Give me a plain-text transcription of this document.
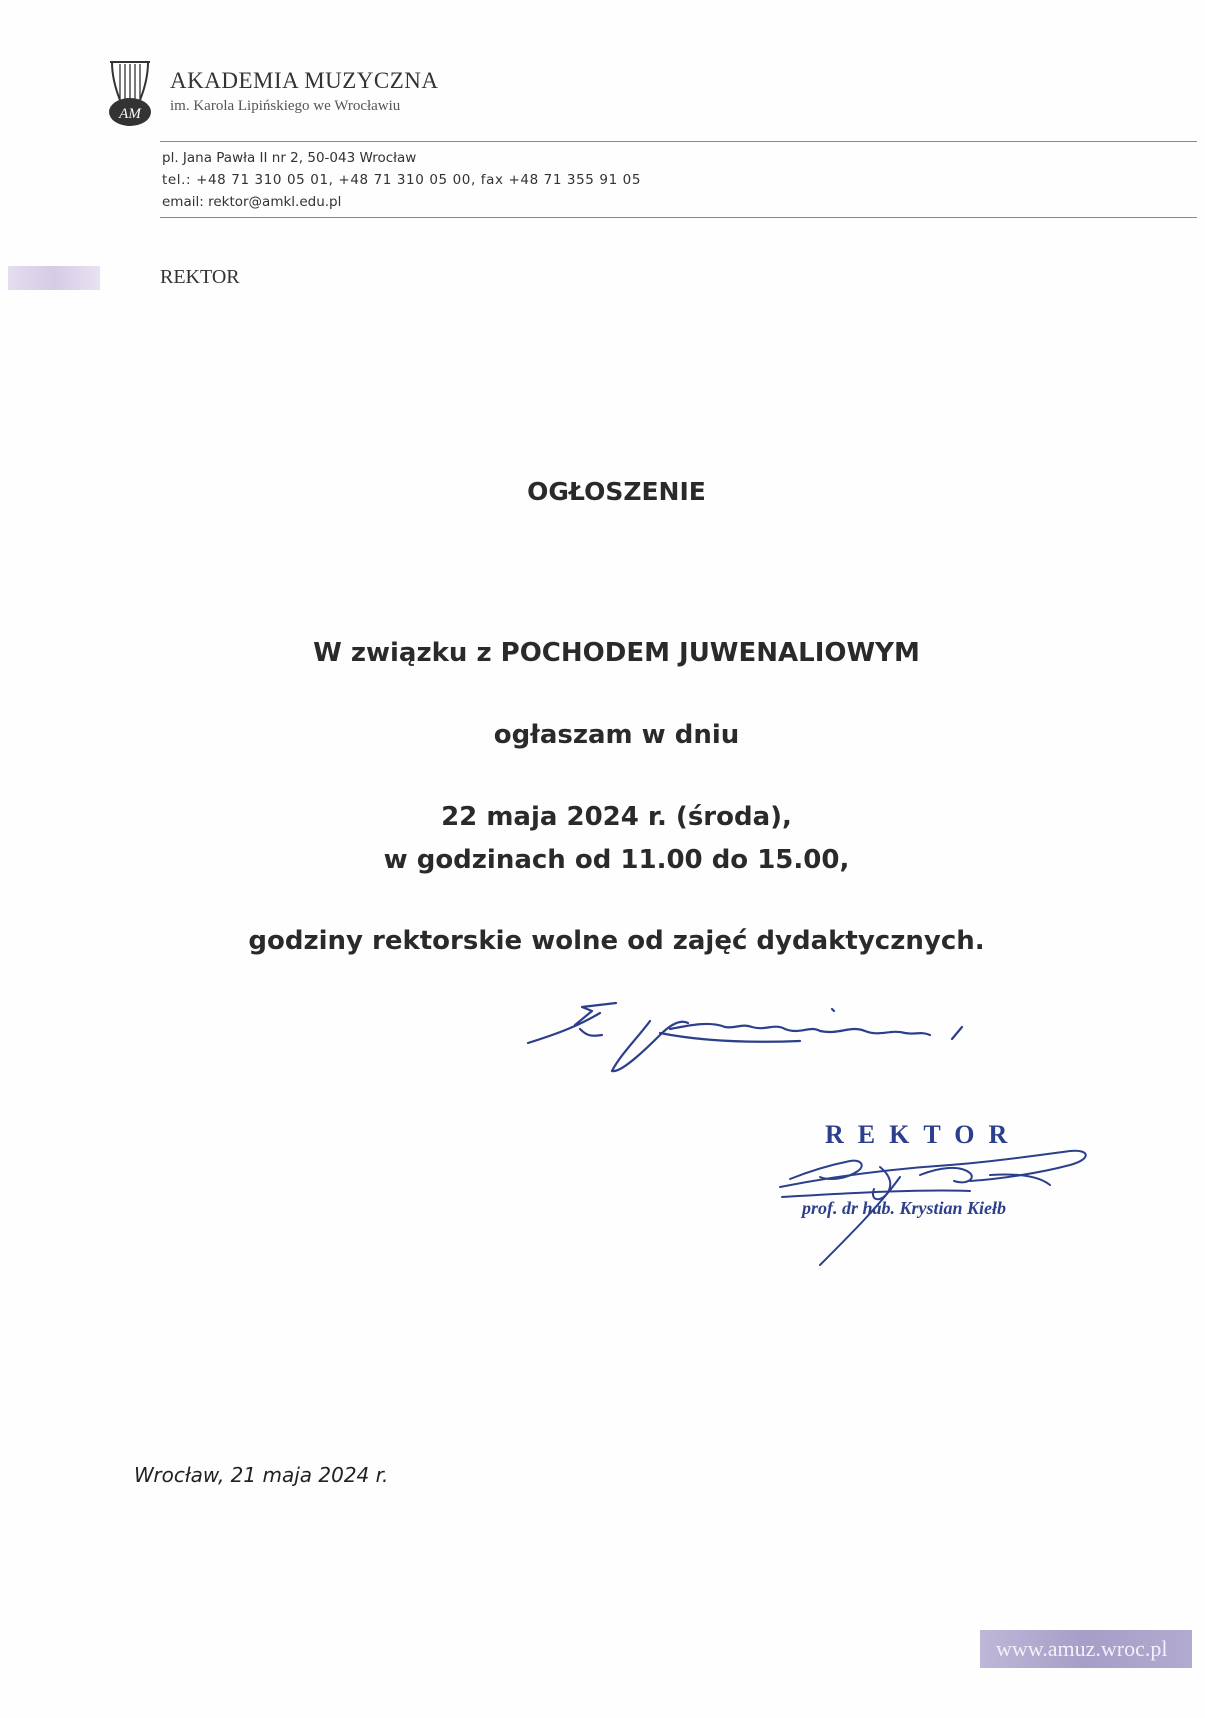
AM
AKADEMIA MUZYCZNA
im. Karola Lipińskiego we Wrocławiu
pl. Jana Pawła II nr 2, 50-043 Wrocław
tel.: +48 71 310 05 01, +48 71 310 05 00, fax +48 71 355 91 05
email: rektor@amkl.edu.pl
REKTOR
OGŁOSZENIE
W związku z POCHODEM JUWENALIOWYM
ogłaszam w dniu
22 maja 2024 r. (środa),
w godzinach od 11.00 do 15.00,
godziny rektorskie wolne od zajęć dydaktycznych.
REKTOR
prof. dr hab. Krystian Kiełb
Wrocław, 21 maja 2024 r.
www.amuz.wroc.pl
